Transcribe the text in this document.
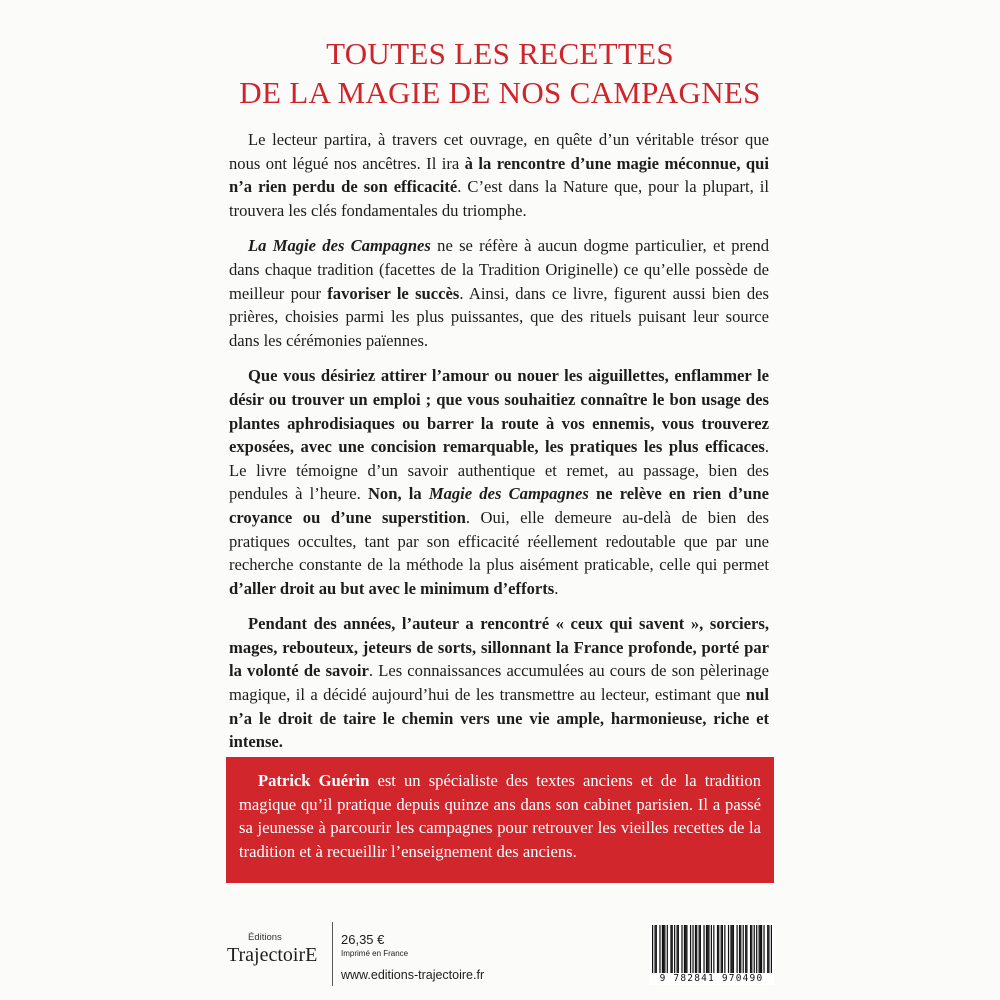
TOUTES LES RECETTES
DE LA MAGIE DE NOS CAMPAGNES

Le lecteur partira, à travers cet ouvrage, en quête d’un véritable trésor que nous ont légué nos ancêtres. Il ira à la rencontre d’une magie méconnue, qui n’a rien perdu de son efficacité. C’est dans la Nature que, pour la plupart, il trouvera les clés fondamentales du triomphe.

La Magie des Campagnes ne se réfère à aucun dogme particulier, et prend dans chaque tradition (facettes de la Tradition Originelle) ce qu’elle possède de meilleur pour favoriser le succès. Ainsi, dans ce livre, figurent aussi bien des prières, choisies parmi les plus puissantes, que des rituels puisant leur source dans les cérémonies païennes.

Que vous désiriez attirer l’amour ou nouer les aiguillettes, enflammer le désir ou trouver un emploi ; que vous souhaitiez connaître le bon usage des plantes aphrodisiaques ou barrer la route à vos ennemis, vous trouverez exposées, avec une concision remarquable, les pratiques les plus efficaces. Le livre témoigne d’un savoir authentique et remet, au passage, bien des pendules à l’heure. Non, la Magie des Campagnes ne relève en rien d’une croyance ou d’une superstition. Oui, elle demeure au-delà de bien des pratiques occultes, tant par son efficacité réellement redoutable que par une recherche constante de la méthode la plus aisément praticable, celle qui permet d’aller droit au but avec le minimum d’efforts.

Pendant des années, l’auteur a rencontré « ceux qui savent », sorciers, mages, rebouteux, jeteurs de sorts, sillonnant la France profonde, porté par la volonté de savoir. Les connaissances accumulées au cours de son pèlerinage magique, il a décidé aujourd’hui de les transmettre au lecteur, estimant que nul n’a le droit de taire le chemin vers une vie ample, harmonieuse, riche et intense.

Patrick Guérin est un spécialiste des textes anciens et de la tradition magique qu’il pratique depuis quinze ans dans son cabinet parisien. Il a passé sa jeunesse à parcourir les campagnes pour retrouver les vieilles recettes de la tradition et à recueillir l’enseignement des anciens.

Éditions
TrajectoirE
26,35 €
Imprimé en France
www.editions-trajectoire.fr	9 782841 970490
